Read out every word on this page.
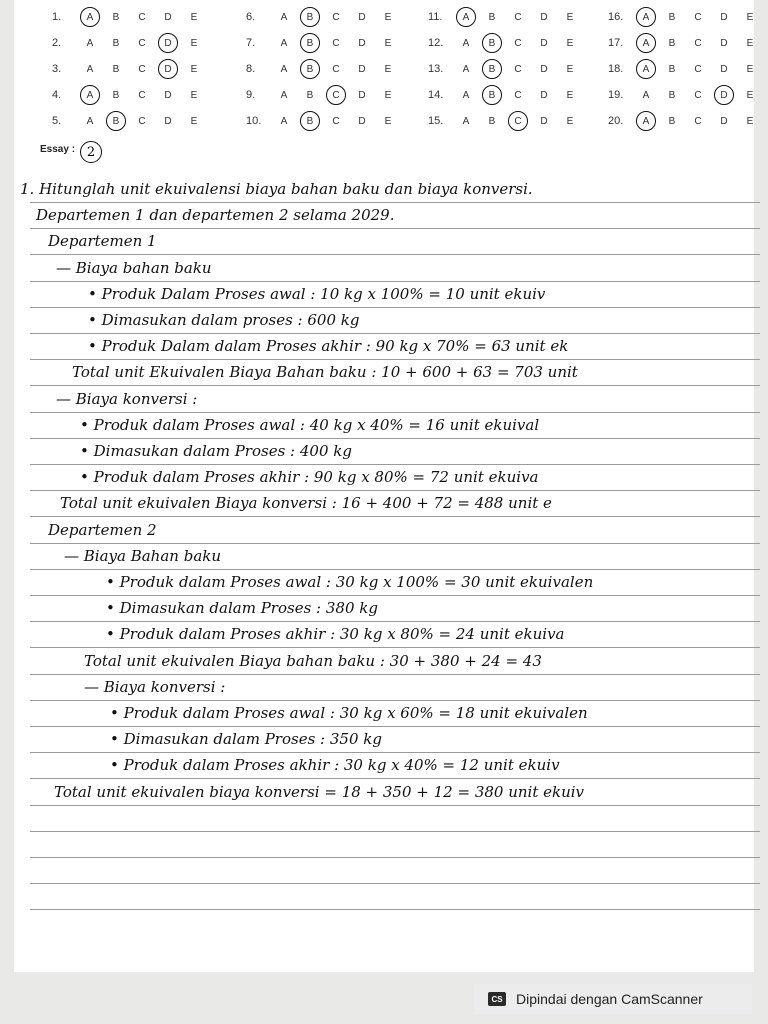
1.	A	B	C	D	E
2.	A	B	C	D	E
3.	A	B	C	D	E
4.	A	B	C	D	E
5.	A	B	C	D	E
6.	A	B	C	D	E
7.	A	B	C	D	E
8.	A	B	C	D	E
9.	A	B	C	D	E
10.	A	B	C	D	E
11.	A	B	C	D	E
12.	A	B	C	D	E
13.	A	B	C	D	E
14.	A	B	C	D	E
15.	A	B	C	D	E
16.	A	B	C	D	E
17.	A	B	C	D	E
18.	A	B	C	D	E
19.	A	B	C	D	E
20.	A	B	C	D	E
Essay : 2
1. Hitunglah unit ekuivalensi biaya bahan baku dan biaya konversi.
Departemen 1 dan departemen 2 selama 2029.
Departemen 1
— Biaya bahan baku
• Produk Dalam Proses awal : 10 kg x 100% = 10 unit ekuiv
• Dimasukan dalam proses : 600 kg
• Produk Dalam dalam Proses akhir : 90 kg x 70% = 63 unit ek
Total unit Ekuivalen Biaya Bahan baku : 10 + 600 + 63 = 703 unit
— Biaya konversi :
• Produk dalam Proses awal : 40 kg x 40% = 16 unit ekuival
• Dimasukan dalam Proses : 400 kg
• Produk dalam Proses akhir : 90 kg x 80% = 72 unit ekuiva
Total unit ekuivalen Biaya konversi : 16 + 400 + 72 = 488 unit e
Departemen 2
— Biaya Bahan baku
• Produk dalam Proses awal : 30 kg x 100% = 30 unit ekuivalen
• Dimasukan dalam Proses : 380 kg
• Produk dalam Proses akhir : 30 kg x 80% = 24 unit ekuiva
Total unit ekuivalen Biaya bahan baku : 30 + 380 + 24 = 43
— Biaya konversi :
• Produk dalam Proses awal : 30 kg x 60% = 18 unit ekuivalen
• Dimasukan dalam Proses : 350 kg
• Produk dalam Proses akhir : 30 kg x 40% = 12 unit ekuiv
Total unit ekuivalen biaya konversi = 18 + 350 + 12 = 380 unit ekuiv
CS Dipindai dengan CamScanner
